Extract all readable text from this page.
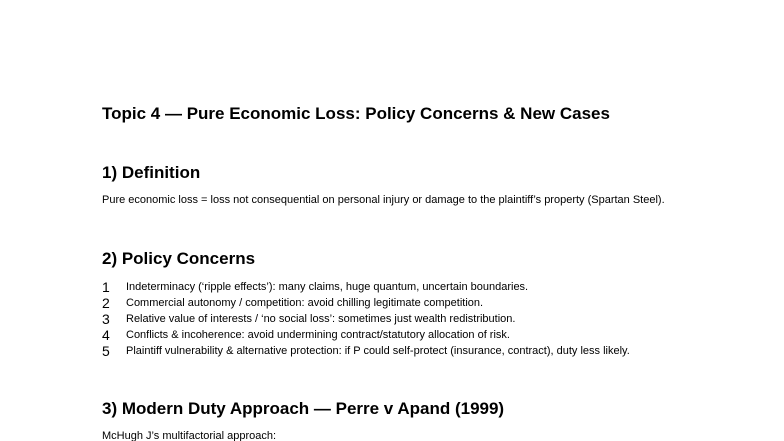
Topic 4 — Pure Economic Loss: Policy Concerns & New Cases
1) Definition

Pure economic loss = loss not consequential on personal injury or damage to the plaintiff’s property (Spartan Steel).

2) Policy Concerns
1	Indeterminacy (‘ripple effects’): many claims, huge quantum, uncertain boundaries.
2	Commercial autonomy / competition: avoid chilling legitimate competition.
3	Relative value of interests / ‘no social loss’: sometimes just wealth redistribution.
4	Conflicts & incoherence: avoid undermining contract/statutory allocation of risk.
5	Plaintiff vulnerability & alternative protection: if P could self-protect (insurance, contract), duty less likely.
3) Modern Duty Approach — Perre v Apand (1999)

McHugh J’s multifactorial approach:
